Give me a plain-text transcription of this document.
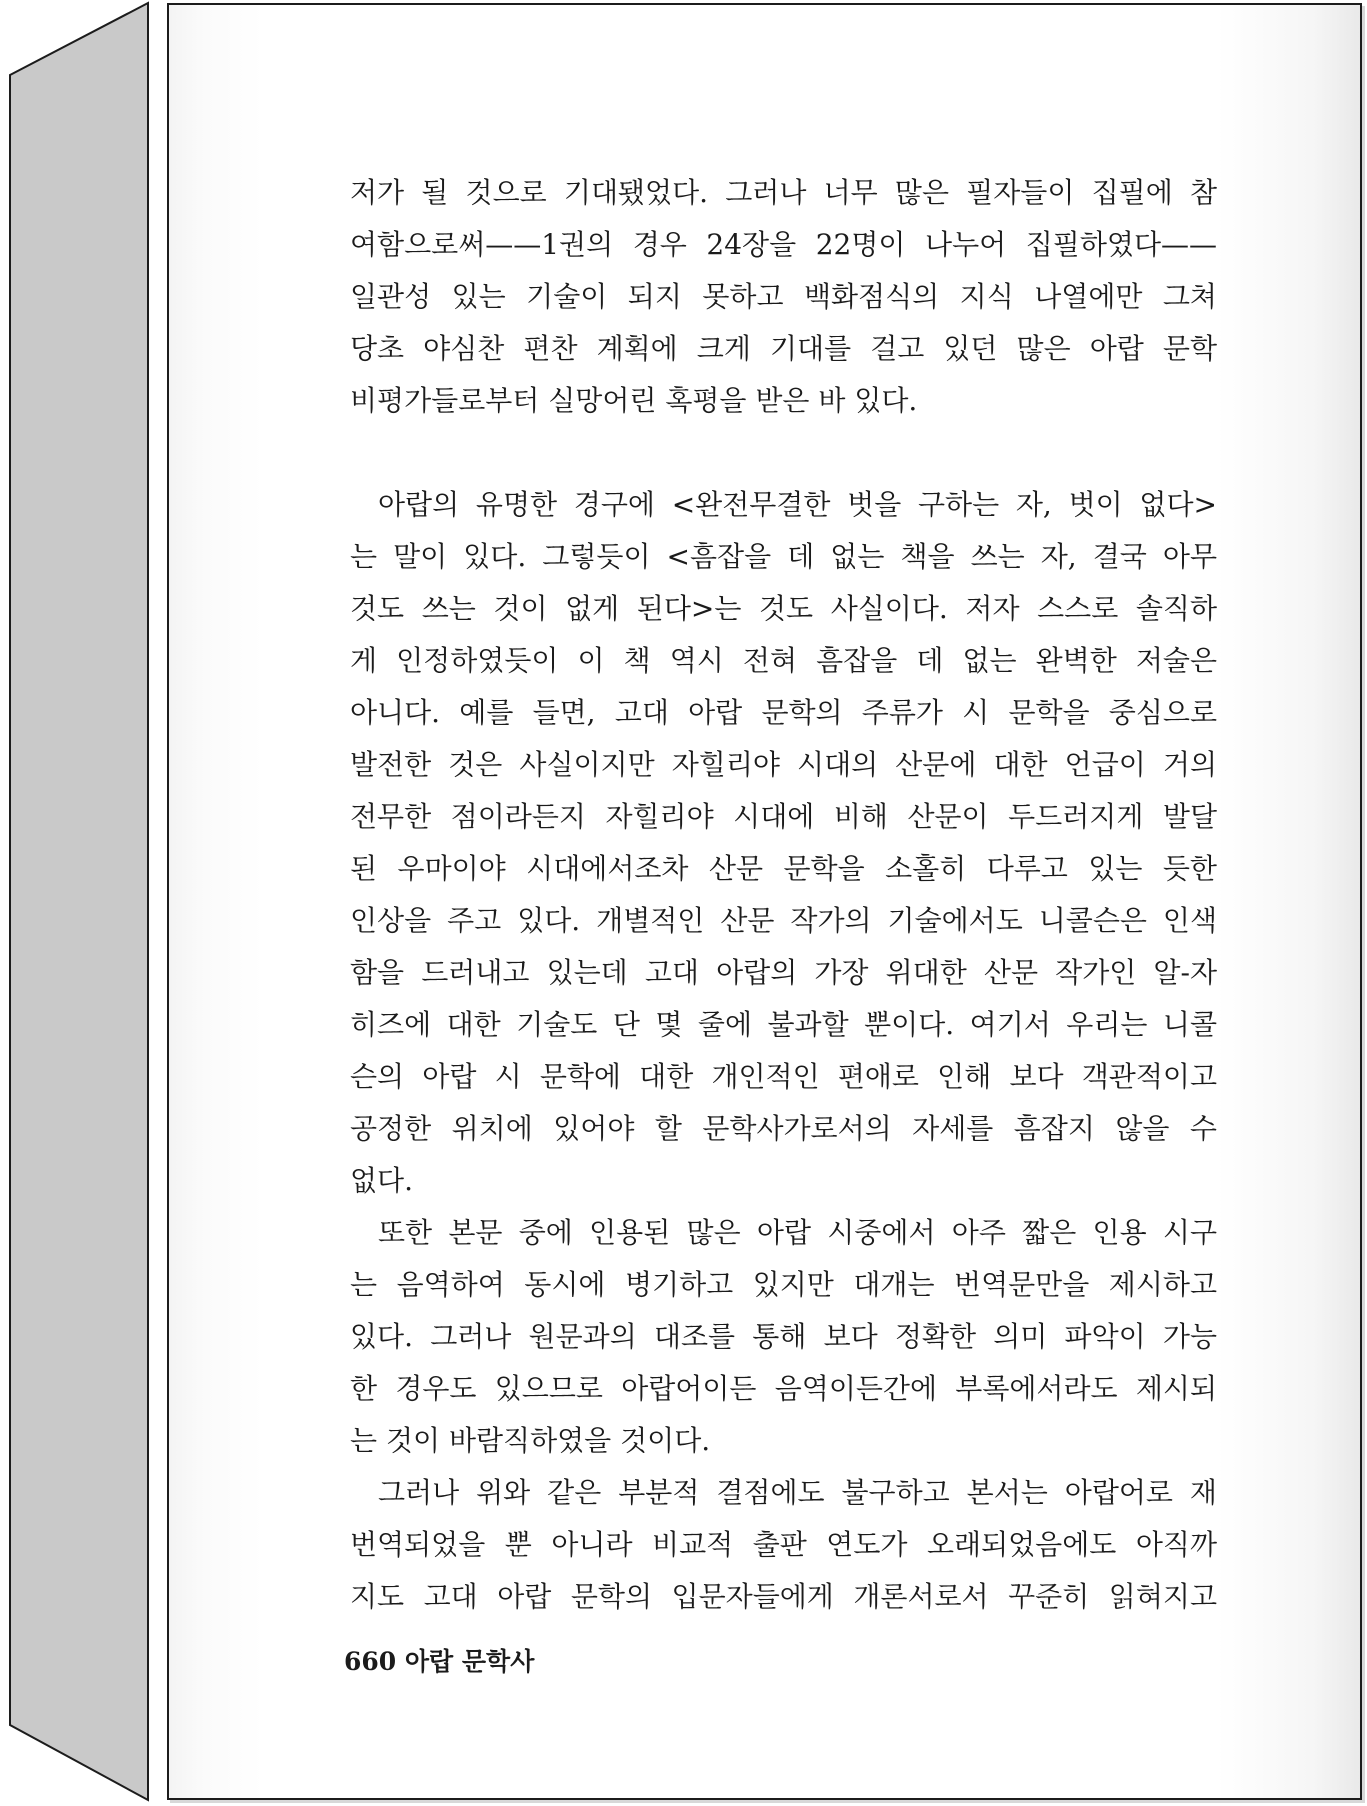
저가 될 것으로 기대됐었다. 그러나 너무 많은 필자들이 집필에 참
여함으로써——1권의 경우 24장을 22명이 나누어 집필하였다——
일관성 있는 기술이 되지 못하고 백화점식의 지식 나열에만 그쳐
당초 야심찬 편찬 계획에 크게 기대를 걸고 있던 많은 아랍 문학
비평가들로부터 실망어린 혹평을 받은 바 있다.
아랍의 유명한 경구에 <완전무결한 벗을 구하는 자, 벗이 없다>
는 말이 있다. 그렇듯이 <흠잡을 데 없는 책을 쓰는 자, 결국 아무
것도 쓰는 것이 없게 된다>는 것도 사실이다. 저자 스스로 솔직하
게 인정하였듯이 이 책 역시 전혀 흠잡을 데 없는 완벽한 저술은
아니다. 예를 들면, 고대 아랍 문학의 주류가 시 문학을 중심으로
발전한 것은 사실이지만 자힐리야 시대의 산문에 대한 언급이 거의
전무한 점이라든지 자힐리야 시대에 비해 산문이 두드러지게 발달
된 우마이야 시대에서조차 산문 문학을 소홀히 다루고 있는 듯한
인상을 주고 있다. 개별적인 산문 작가의 기술에서도 니콜슨은 인색
함을 드러내고 있는데 고대 아랍의 가장 위대한 산문 작가인 알-자
히즈에 대한 기술도 단 몇 줄에 불과할 뿐이다. 여기서 우리는 니콜
슨의 아랍 시 문학에 대한 개인적인 편애로 인해 보다 객관적이고
공정한 위치에 있어야 할 문학사가로서의 자세를 흠잡지 않을 수
없다.
또한 본문 중에 인용된 많은 아랍 시중에서 아주 짧은 인용 시구
는 음역하여 동시에 병기하고 있지만 대개는 번역문만을 제시하고
있다. 그러나 원문과의 대조를 통해 보다 정확한 의미 파악이 가능
한 경우도 있으므로 아랍어이든 음역이든간에 부록에서라도 제시되
는 것이 바람직하였을 것이다.
그러나 위와 같은 부분적 결점에도 불구하고 본서는 아랍어로 재
번역되었을 뿐 아니라 비교적 출판 연도가 오래되었음에도 아직까
지도 고대 아랍 문학의 입문자들에게 개론서로서 꾸준히 읽혀지고
660 아랍 문학사
